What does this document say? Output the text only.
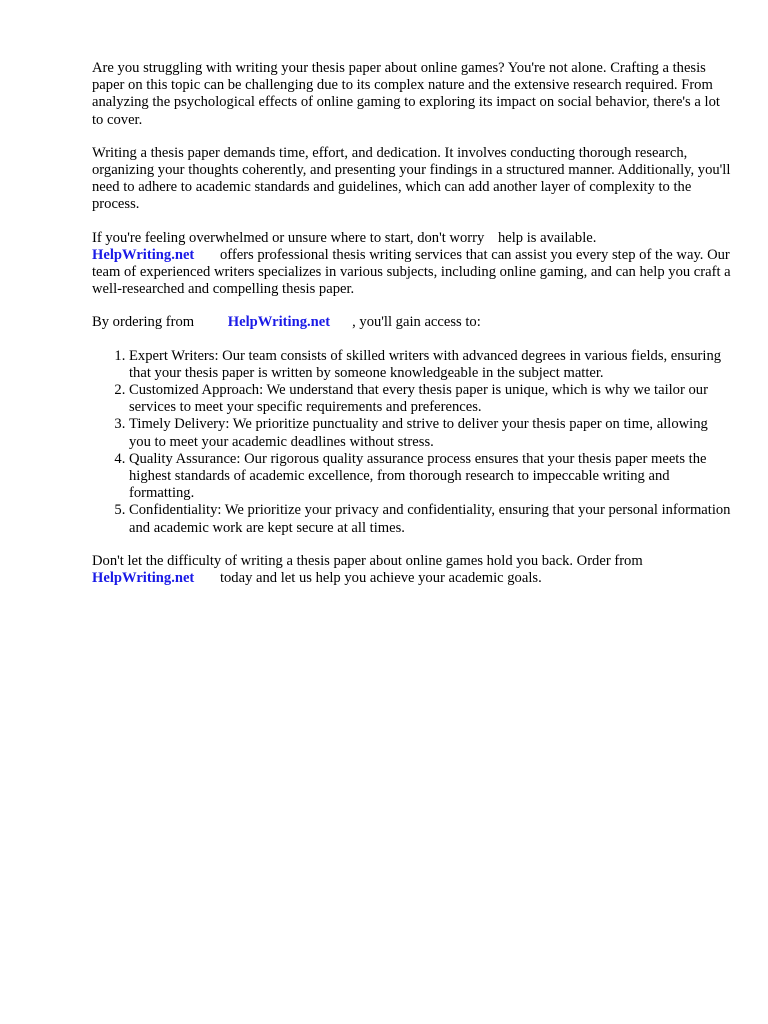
Are you struggling with writing your thesis paper about online games? You're not alone. Crafting a thesis paper on this topic can be challenging due to its complex nature and the extensive research required. From analyzing the psychological effects of online gaming to exploring its impact on social behavior, there's a lot to cover.

Writing a thesis paper demands time, effort, and dedication. It involves conducting thorough research, organizing your thoughts coherently, and presenting your findings in a structured manner. Additionally, you'll need to adhere to academic standards and guidelines, which can add another layer of complexity to the process.

If you're feeling overwhelmed or unsure where to start, don't worry help is available.
HelpWriting.net offers professional thesis writing services that can assist you every step of the way. Our team of experienced writers specializes in various subjects, including online gaming, and can help you craft a well-researched and compelling thesis paper.

By ordering from HelpWriting.net , you'll gain access to:

1. Expert Writers: Our team consists of skilled writers with advanced degrees in various fields, ensuring that your thesis paper is written by someone knowledgeable in the subject matter.
2. Customized Approach: We understand that every thesis paper is unique, which is why we tailor our services to meet your specific requirements and preferences.
3. Timely Delivery: We prioritize punctuality and strive to deliver your thesis paper on time, allowing you to meet your academic deadlines without stress.
4. Quality Assurance: Our rigorous quality assurance process ensures that your thesis paper meets the highest standards of academic excellence, from thorough research to impeccable writing and formatting.
5. Confidentiality: We prioritize your privacy and confidentiality, ensuring that your personal information and academic work are kept secure at all times.

Don't let the difficulty of writing a thesis paper about online games hold you back. Order from
HelpWriting.net today and let us help you achieve your academic goals.
